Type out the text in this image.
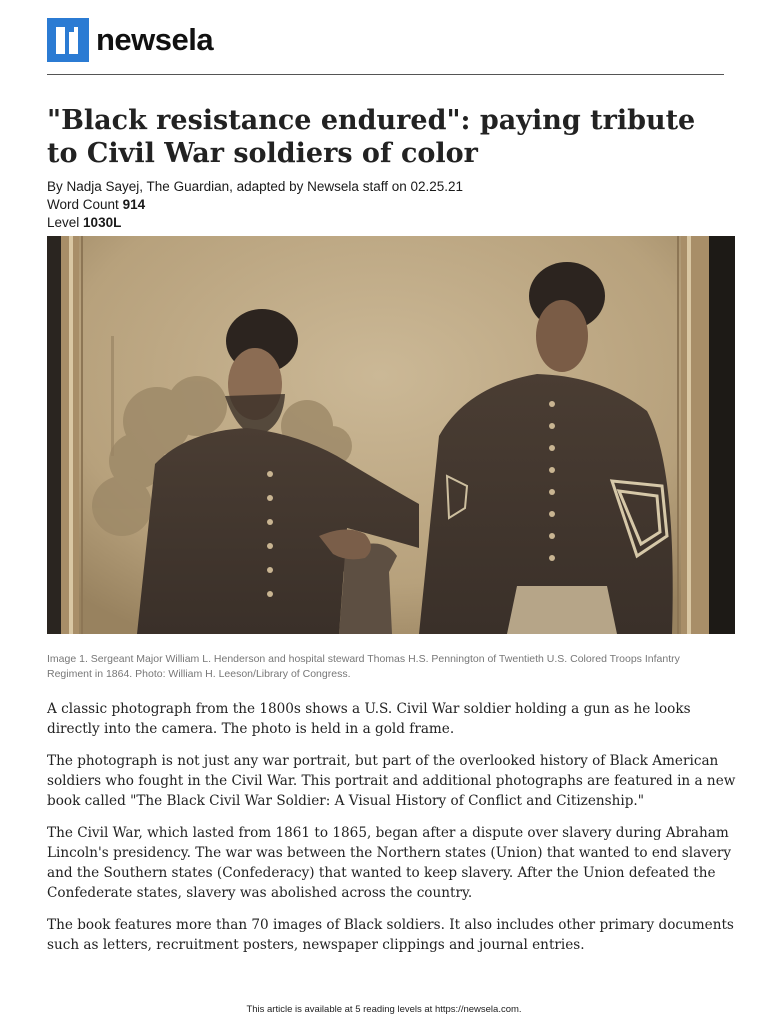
newsela
"Black resistance endured": paying tribute to Civil War soldiers of color
By Nadja Sayej, The Guardian, adapted by Newsela staff on 02.25.21
Word Count 914
Level 1030L
Image 1. Sergeant Major William L. Henderson and hospital steward Thomas H.S. Pennington of Twentieth U.S. Colored Troops Infantry Regiment in 1864. Photo: William H. Leeson/Library of Congress.

A classic photograph from the 1800s shows a U.S. Civil War soldier holding a gun as he looks directly into the camera. The photo is held in a gold frame.

The photograph is not just any war portrait, but part of the overlooked history of Black American soldiers who fought in the Civil War. This portrait and additional photographs are featured in a new book called "The Black Civil War Soldier: A Visual History of Conflict and Citizenship."

The Civil War, which lasted from 1861 to 1865, began after a dispute over slavery during Abraham Lincoln's presidency. The war was between the Northern states (Union) that wanted to end slavery and the Southern states (Confederacy) that wanted to keep slavery. After the Union defeated the Confederate states, slavery was abolished across the country.

The book features more than 70 images of Black soldiers. It also includes other primary documents such as letters, recruitment posters, newspaper clippings and journal entries.

This article is available at 5 reading levels at https://newsela.com.
